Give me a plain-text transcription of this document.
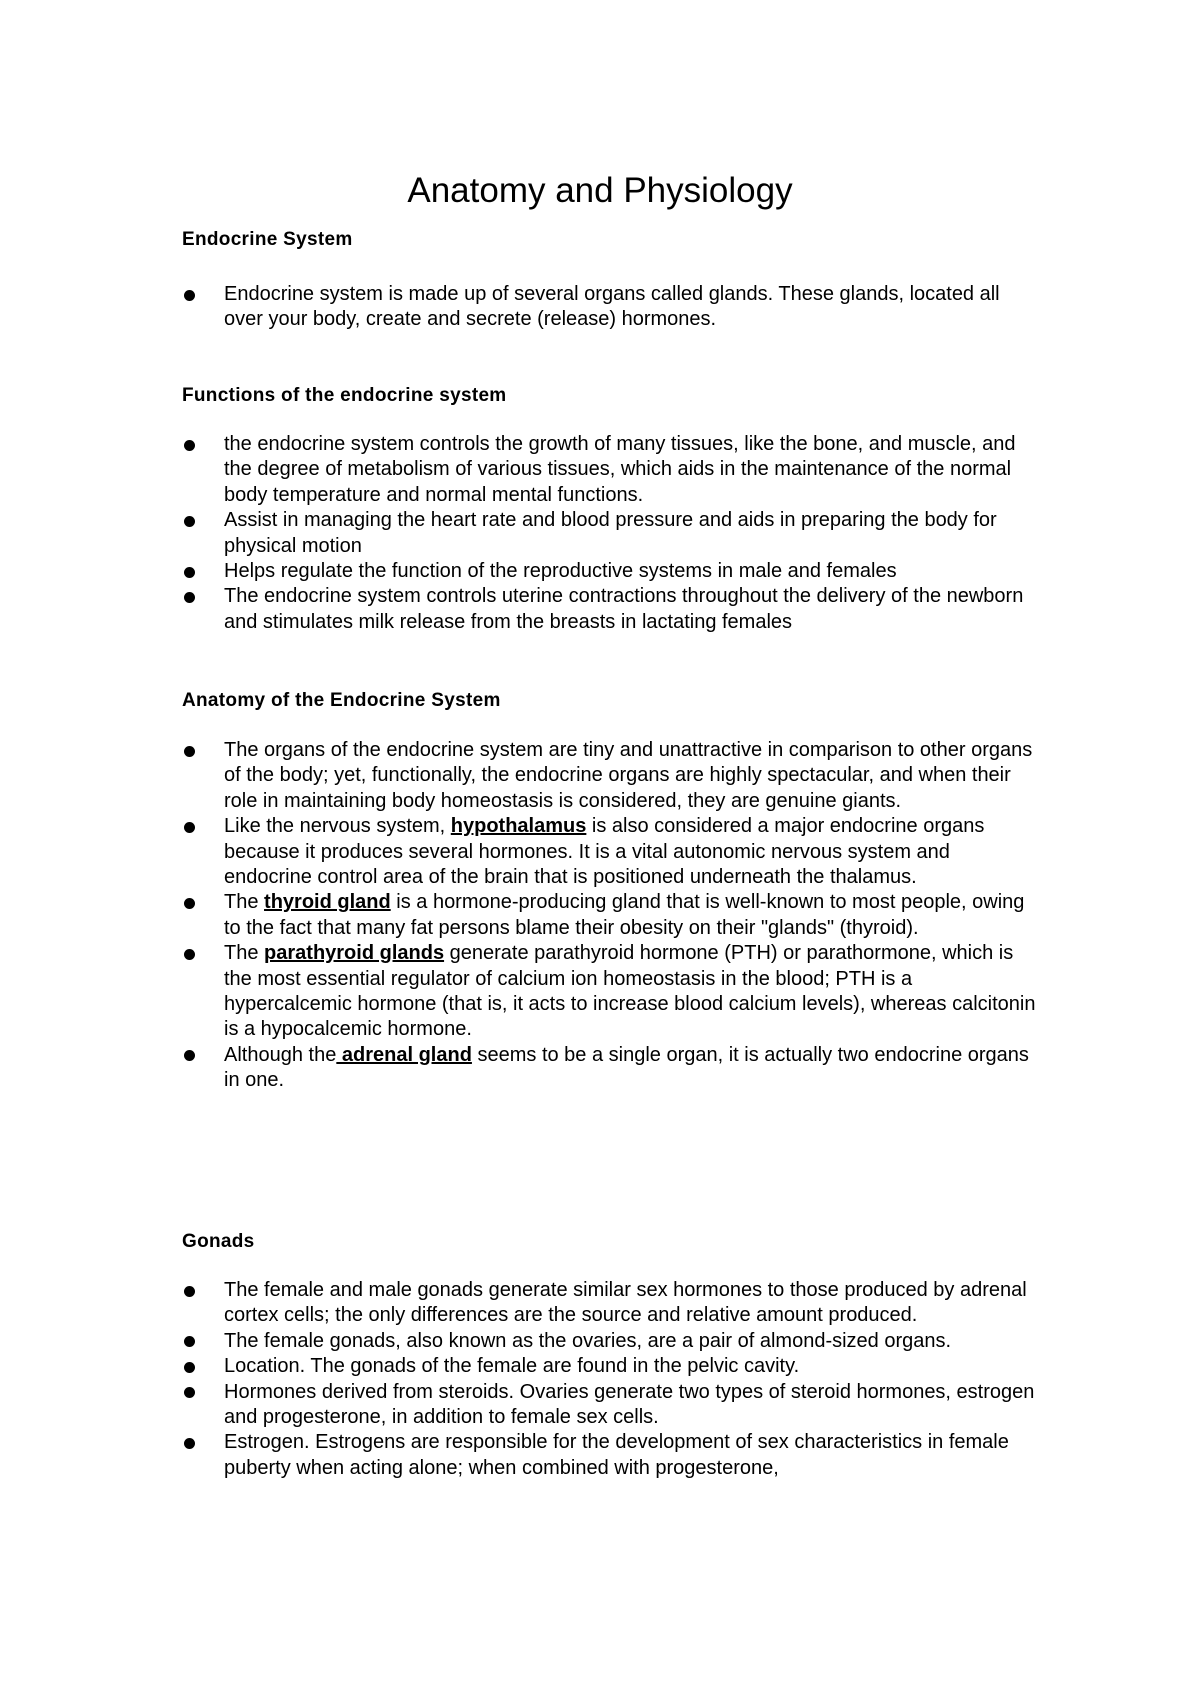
Anatomy and Physiology
Endocrine System
Endocrine system is made up of several organs called glands. These glands, located all over your body, create and secrete (release) hormones.
Functions of the endocrine system
the endocrine system controls the growth of many tissues, like the bone, and muscle, and the degree of metabolism of various tissues, which aids in the maintenance of the normal body temperature and normal mental functions.
Assist in managing the heart rate and blood pressure and aids in preparing the body for physical motion
Helps regulate the function of the reproductive systems in male and females
The endocrine system controls uterine contractions throughout the delivery of the newborn and stimulates milk release from the breasts in lactating females
Anatomy of the Endocrine System
The organs of the endocrine system are tiny and unattractive in comparison to other organs of the body; yet, functionally, the endocrine organs are highly spectacular, and when their role in maintaining body homeostasis is considered, they are genuine giants.
Like the nervous system, hypothalamus is also considered a major endocrine organs because it produces several hormones. It is a vital autonomic nervous system and endocrine control area of the brain that is positioned underneath the thalamus.
The thyroid gland is a hormone-producing gland that is well-known to most people, owing to the fact that many fat persons blame their obesity on their "glands" (thyroid).
The parathyroid glands generate parathyroid hormone (PTH) or parathormone, which is the most essential regulator of calcium ion homeostasis in the blood; PTH is a hypercalcemic hormone (that is, it acts to increase blood calcium levels), whereas calcitonin is a hypocalcemic hormone.
Although the adrenal gland seems to be a single organ, it is actually two endocrine organs in one.
Gonads
The female and male gonads generate similar sex hormones to those produced by adrenal cortex cells; the only differences are the source and relative amount produced.
The female gonads, also known as the ovaries, are a pair of almond-sized organs.
Location. The gonads of the female are found in the pelvic cavity.
Hormones derived from steroids. Ovaries generate two types of steroid hormones, estrogen and progesterone, in addition to female sex cells.
Estrogen. Estrogens are responsible for the development of sex characteristics in female puberty when acting alone; when combined with progesterone,
